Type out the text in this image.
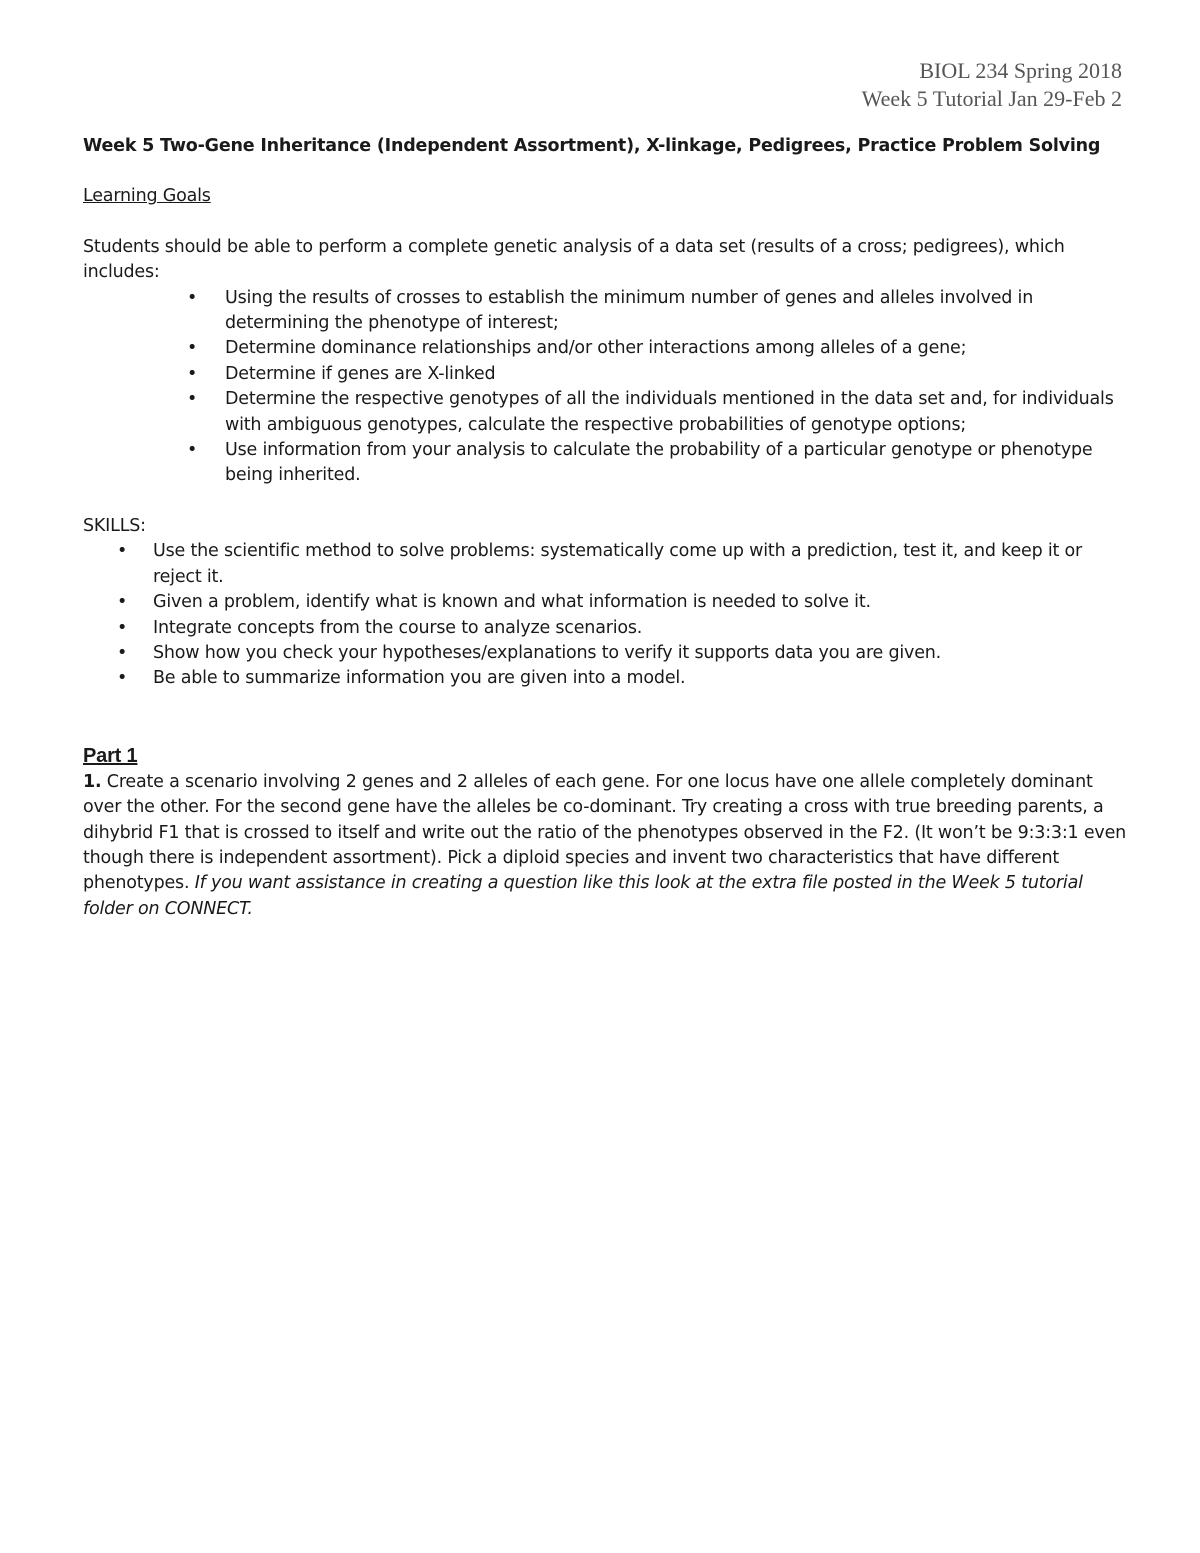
BIOL 234 Spring 2018
Week 5 Tutorial Jan 29-Feb 2

Week 5 Two-Gene Inheritance (Independent Assortment), X-linkage, Pedigrees, Practice Problem Solving

Learning Goals
Students should be able to perform a complete genetic analysis of a data set (results of a cross; pedigrees), which includes:
• Using the results of crosses to establish the minimum number of genes and alleles involved in determining the phenotype of interest;
• Determine dominance relationships and/or other interactions among alleles of a gene;
• Determine if genes are X-linked
• Determine the respective genotypes of all the individuals mentioned in the data set and, for individuals with ambiguous genotypes, calculate the respective probabilities of genotype options;
• Use information from your analysis to calculate the probability of a particular genotype or phenotype being inherited.
SKILLS:
• Use the scientific method to solve problems: systematically come up with a prediction, test it, and keep it or reject it.
• Given a problem, identify what is known and what information is needed to solve it.
• Integrate concepts from the course to analyze scenarios.
• Show how you check your hypotheses/explanations to verify it supports data you are given.
• Be able to summarize information you are given into a model.
Part 1
1. Create a scenario involving 2 genes and 2 alleles of each gene. For one locus have one allele completely dominant over the other. For the second gene have the alleles be co-dominant. Try creating a cross with true breeding parents, a dihybrid F1 that is crossed to itself and write out the ratio of the phenotypes observed in the F2. (It won’t be 9:3:3:1 even though there is independent assortment). Pick a diploid species and invent two characteristics that have different phenotypes. If you want assistance in creating a question like this look at the extra file posted in the Week 5 tutorial folder on CONNECT.
